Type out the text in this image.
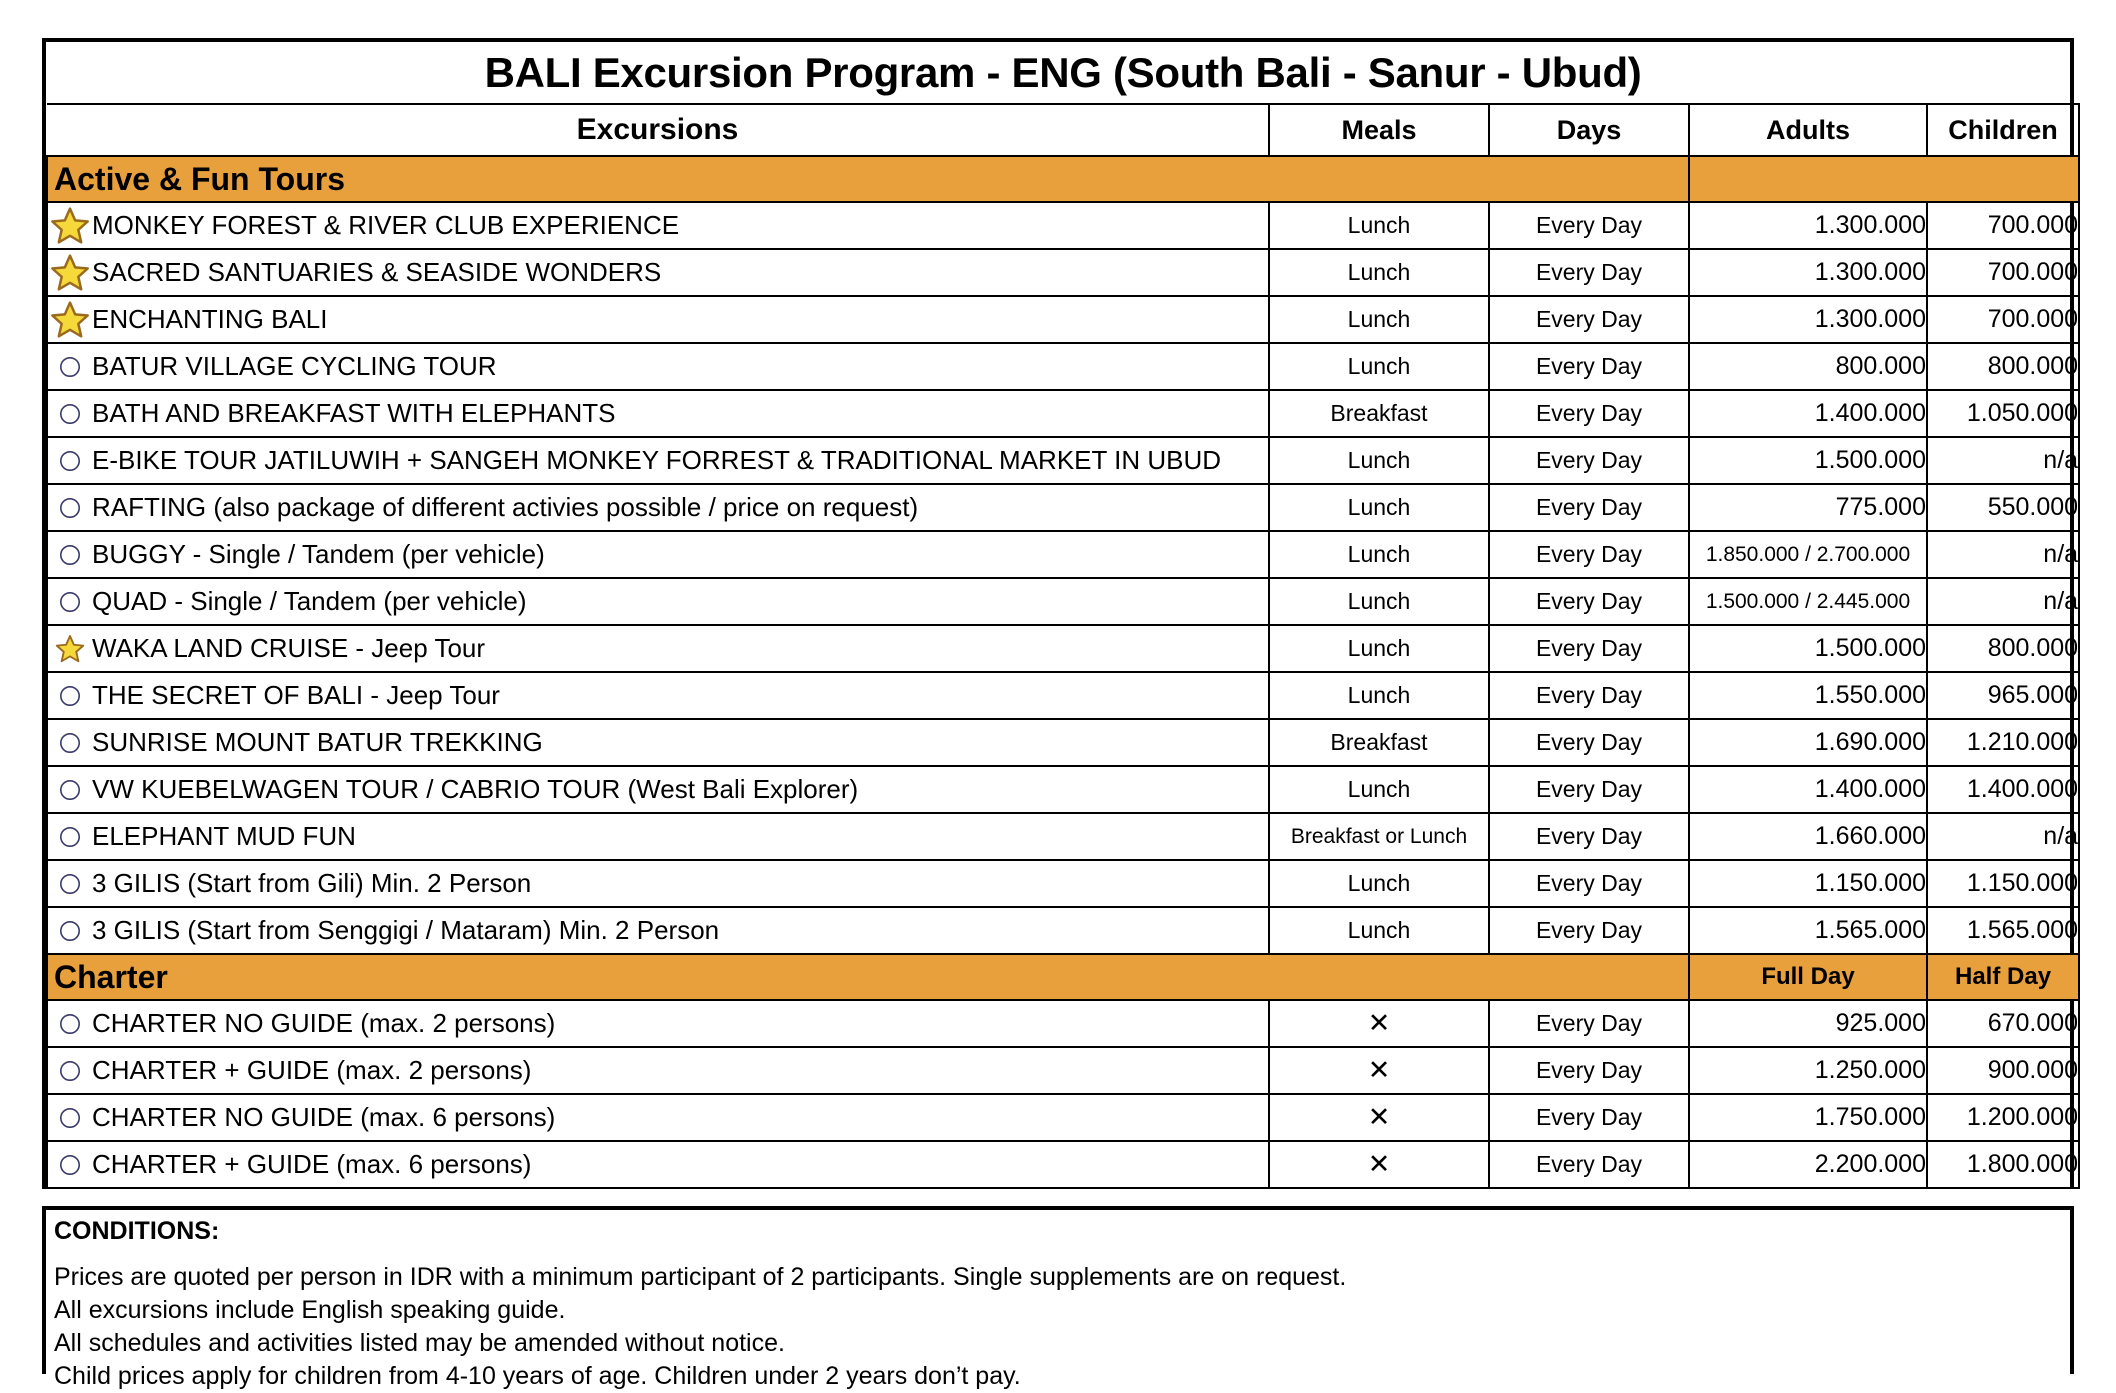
BALI Excursion Program - ENG (South Bali - Sanur - Ubud)				

Excursions	Meals	Days	Adults	Children

Active & Fun Tours				

MONKEY FOREST & RIVER CLUB EXPERIENCE	Lunch	Every Day	1.300.000	700.000

SACRED SANTUARIES & SEASIDE WONDERS	Lunch	Every Day	1.300.000	700.000

ENCHANTING BALI	Lunch	Every Day	1.300.000	700.000

BATUR VILLAGE CYCLING TOUR	Lunch	Every Day	800.000	800.000

BATH AND BREAKFAST WITH ELEPHANTS	Breakfast	Every Day	1.400.000	1.050.000

E-BIKE TOUR JATILUWIH + SANGEH MONKEY FORREST & TRADITIONAL MARKET IN UBUD	Lunch	Every Day	1.500.000	n/a

RAFTING (also package of different activies possible / price on request)	Lunch	Every Day	775.000	550.000

BUGGY - Single / Tandem (per vehicle)	Lunch	Every Day	1.850.000 / 2.700.000	n/a

QUAD - Single / Tandem (per vehicle)	Lunch	Every Day	1.500.000 / 2.445.000	n/a

WAKA LAND CRUISE - Jeep Tour	Lunch	Every Day	1.500.000	800.000

THE SECRET OF BALI - Jeep Tour	Lunch	Every Day	1.550.000	965.000

SUNRISE MOUNT BATUR TREKKING	Breakfast	Every Day	1.690.000	1.210.000

VW KUEBELWAGEN TOUR / CABRIO TOUR (West Bali Explorer)	Lunch	Every Day	1.400.000	1.400.000

ELEPHANT MUD FUN	Breakfast or Lunch	Every Day	1.660.000	n/a

3 GILIS (Start from Gili) Min. 2 Person	Lunch	Every Day	1.150.000	1.150.000

3 GILIS (Start from Senggigi / Mataram) Min. 2 Person	Lunch	Every Day	1.565.000	1.565.000

Charter			Full Day	Half Day

CHARTER NO GUIDE (max. 2 persons)	✕	Every Day	925.000	670.000

CHARTER + GUIDE (max. 2 persons)	✕	Every Day	1.250.000	900.000

CHARTER NO GUIDE (max. 6 persons)	✕	Every Day	1.750.000	1.200.000

CHARTER + GUIDE (max. 6 persons)	✕	Every Day	2.200.000	1.800.000
CONDITIONS:
Prices are quoted per person in IDR with a minimum participant of 2 participants. Single supplements are on request.
All excursions include English speaking guide.
All schedules and activities listed may be amended without notice.
Child prices apply for children from 4-10 years of age. Children under 2 years don’t pay.
